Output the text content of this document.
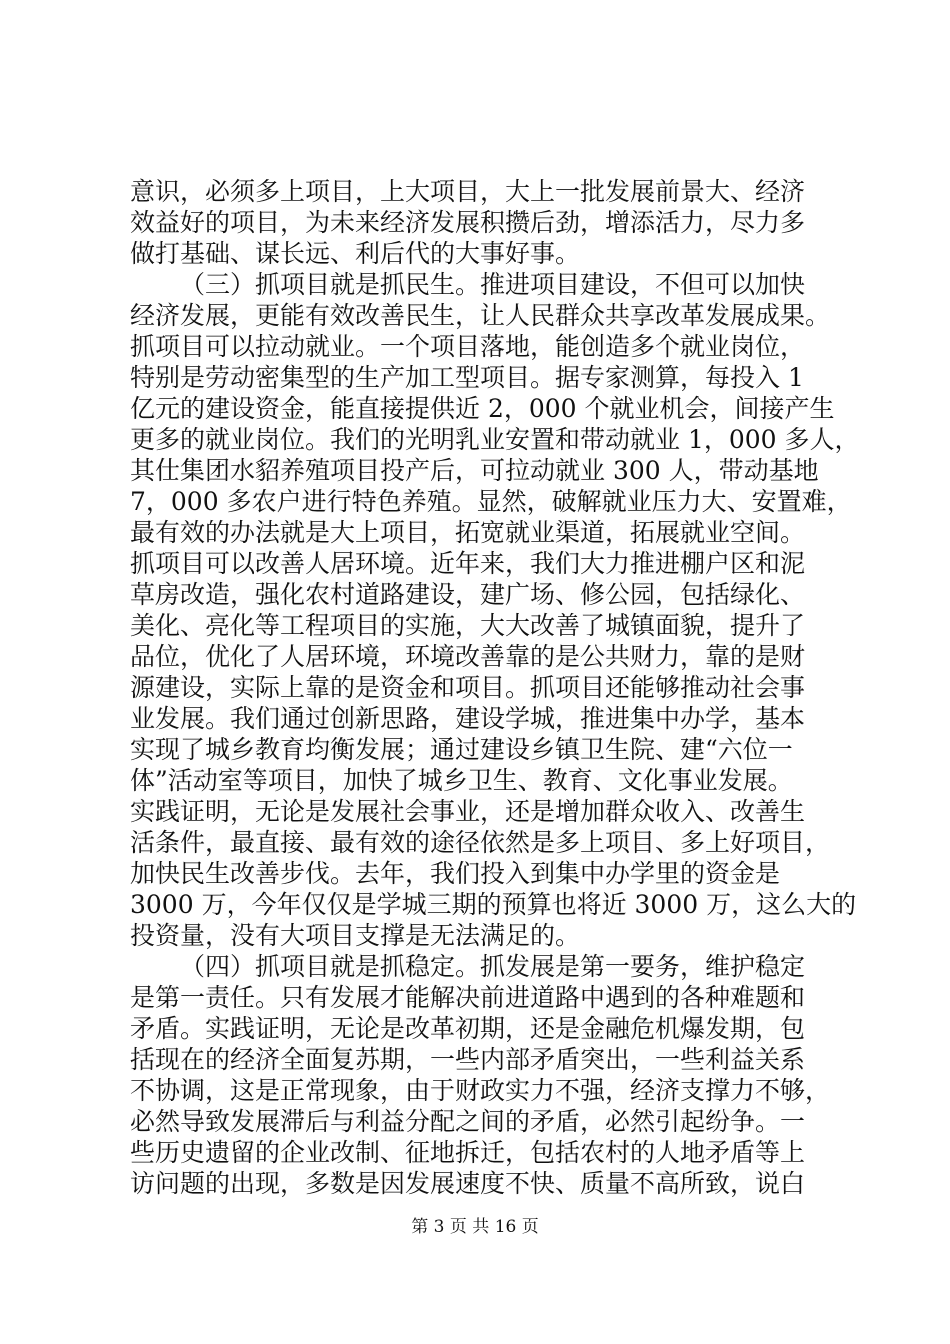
意识，必须多上项目，上大项目，大上一批发展前景大、经济
效益好的项目，为未来经济发展积攒后劲，增添活力，尽力多
做打基础、谋长远、利后代的大事好事。
（三）抓项目就是抓民生。推进项目建设，不但可以加快
经济发展，更能有效改善民生，让人民群众共享改革发展成果。
抓项目可以拉动就业。一个项目落地，能创造多个就业岗位，
特别是劳动密集型的生产加工型项目。据专家测算，每投入 1
亿元的建设资金，能直接提供近 2，000 个就业机会，间接产生
更多的就业岗位。我们的光明乳业安置和带动就业 1，000 多人，
其仕集团水貂养殖项目投产后，可拉动就业 300 人，带动基地
7，000 多农户进行特色养殖。显然，破解就业压力大、安置难，
最有效的办法就是大上项目，拓宽就业渠道，拓展就业空间。
抓项目可以改善人居环境。近年来，我们大力推进棚户区和泥
草房改造，强化农村道路建设，建广场、修公园，包括绿化、
美化、亮化等工程项目的实施，大大改善了城镇面貌，提升了
品位，优化了人居环境，环境改善靠的是公共财力，靠的是财
源建设，实际上靠的是资金和项目。抓项目还能够推动社会事
业发展。我们通过创新思路，建设学城，推进集中办学，基本
实现了城乡教育均衡发展；通过建设乡镇卫生院、建“六位一
体”活动室等项目，加快了城乡卫生、教育、文化事业发展。
实践证明，无论是发展社会事业，还是增加群众收入、改善生
活条件，最直接、最有效的途径依然是多上项目、多上好项目，
加快民生改善步伐。去年，我们投入到集中办学里的资金是
3000 万，今年仅仅是学城三期的预算也将近 3000 万，这么大的
投资量，没有大项目支撑是无法满足的。
（四）抓项目就是抓稳定。抓发展是第一要务，维护稳定
是第一责任。只有发展才能解决前进道路中遇到的各种难题和
矛盾。实践证明，无论是改革初期，还是金融危机爆发期，包
括现在的经济全面复苏期，一些内部矛盾突出，一些利益关系
不协调，这是正常现象，由于财政实力不强，经济支撑力不够，
必然导致发展滞后与利益分配之间的矛盾，必然引起纷争。一
些历史遗留的企业改制、征地拆迁，包括农村的人地矛盾等上
访问题的出现，多数是因发展速度不快、质量不高所致，说白
第 3 页 共 16 页
